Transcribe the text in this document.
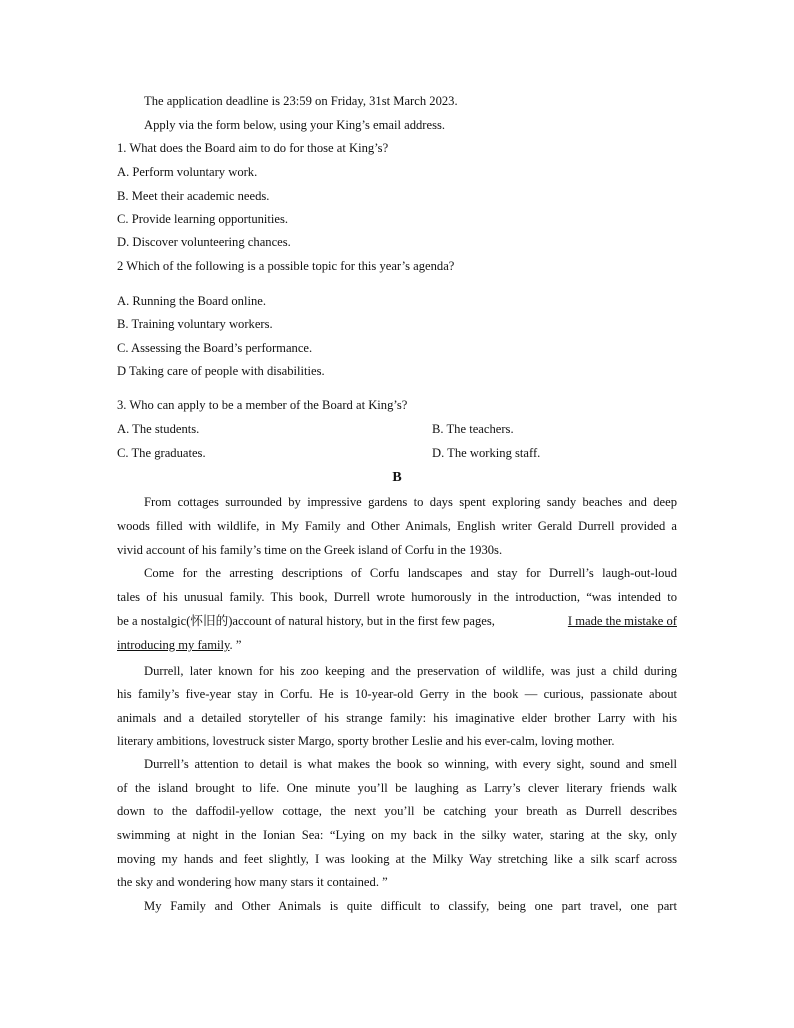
The application deadline is 23:59 on Friday, 31st March 2023.
Apply via the form below, using your King’s email address.
1. What does the Board aim to do for those at King’s?
A. Perform voluntary work.
B. Meet their academic needs.
C. Provide learning opportunities.
D. Discover volunteering chances.
2 Which of the following is a possible topic for this year’s agenda?
A. Running the Board online.
B. Training voluntary workers.
C. Assessing the Board’s performance.
D Taking care of people with disabilities.
3. Who can apply to be a member of the Board at King’s?
A. The students.	B. The teachers.
C. The graduates.	D. The working staff.
B
From cottages surrounded by impressive gardens to days spent exploring sandy beaches and deep
woods filled with wildlife, in My Family and Other Animals, English writer Gerald Durrell provided a
vivid account of his family’s time on the Greek island of Corfu in the 1930s.
Come for the arresting descriptions of Corfu landscapes and stay for Durrell’s laugh-out-loud
tales of his unusual family. This book, Durrell wrote humorously in the introduction, “was intended to
be a nostalgic(怀旧的)account of natural history, but in the first few pages,	I made the mistake of
introducing my family. ”
Durrell, later known for his zoo keeping and the preservation of wildlife, was just a child during
his family’s five-year stay in Corfu. He is 10-year-old Gerry in the book — curious, passionate about
animals and a detailed storyteller of his strange family: his imaginative elder brother Larry with his
literary ambitions, lovestruck sister Margo, sporty brother Leslie and his ever-calm, loving mother.
Durrell’s attention to detail is what makes the book so winning, with every sight, sound and smell
of the island brought to life. One minute you’ll be laughing as Larry’s clever literary friends walk
down to the daffodil-yellow cottage, the next you’ll be catching your breath as Durrell describes
swimming at night in the Ionian Sea: “Lying on my back in the silky water, staring at the sky, only
moving my hands and feet slightly, I was looking at the Milky Way stretching like a silk scarf across
the sky and wondering how many stars it contained. ”
My Family and Other Animals is quite difficult to classify, being one part travel, one part
